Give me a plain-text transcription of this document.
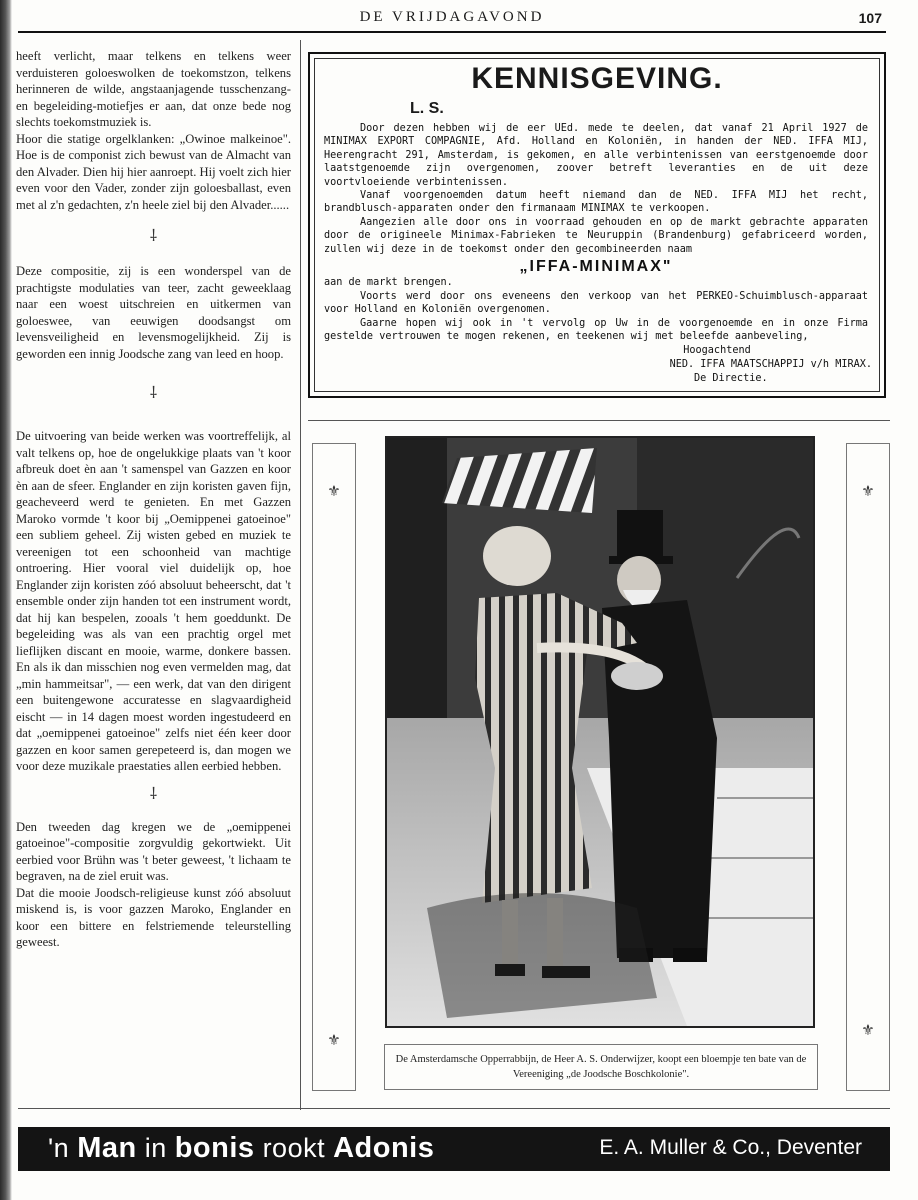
DE VRIJDAGAVOND	107

heeft verlicht, maar telkens en telkens weer verduisteren goloeswolken de toekomstzon, telkens herinneren de wilde, angstaanjagende tusschenzang- en begeleiding-motiefjes er aan, dat onze bede nog slechts toekomstmuziek is.

Hoor die statige orgelklanken: „Owinoe malkeinoe". Hoe is de componist zich bewust van de Almacht van den Alvader. Dien hij hier aanroept. Hij voelt zich hier even voor den Vader, zonder zijn goloesballast, even met al z'n gedachten, z'n heele ziel bij den Alvader......

⸸

Deze compositie, zij is een wonderspel van de prachtigste modulaties van teer, zacht geweeklaag naar een woest uitschreien en uitkermen van goloeswee, van eeuwigen doodsangst om levensveiligheid en levensmogelijkheid. Zij is geworden een innig Joodsche zang van leed en hoop.

⸸

De uitvoering van beide werken was voortreffelijk, al valt telkens op, hoe de ongelukkige plaats van 't koor afbreuk doet èn aan 't samenspel van Gazzen en koor èn aan de sfeer. Englander en zijn koristen gaven fijn, geacheveerd werd te genieten. En met Gazzen Maroko vormde 't koor bij „Oemippenei gatoeinoe" een subliem geheel. Zij wisten gebed en muziek te vereenigen tot een schoonheid van machtige ontroering. Hier vooral viel duidelijk op, hoe Englander zijn koristen zóó absoluut beheerscht, dat 't ensemble onder zijn handen tot een instrument wordt, dat hij kan bespelen, zooals 't hem goeddunkt. De begeleiding was als van een prachtig orgel met lieflijken discant en mooie, warme, donkere bassen. En als ik dan misschien nog even vermelden mag, dat „min hammeitsar", — een werk, dat van den dirigent een buitengewone accuratesse en slagvaardigheid eischt — in 14 dagen moest worden ingestudeerd en dat „oemippenei gatoeinoe" zelfs niet één keer door gazzen en koor samen gerepeteerd is, dan mogen we voor deze muzikale praestaties allen eerbied hebben.

⸸

Den tweeden dag kregen we de „oemippenei gatoeinoe"-compositie zorgvuldig gekortwiekt. Uit eerbied voor Brühn was 't beter geweest, 't lichaam te begraven, na de ziel eruit was.

Dat die mooie Joodsch-religieuse kunst zóó absoluut miskend is, is voor gazzen Maroko, Englander en koor een bittere en felstriemende teleurstelling geweest.

KENNISGEVING.
L. S.

Door dezen hebben wij de eer UEd. mede te deelen, dat vanaf 21 April 1927 de MINIMAX EXPORT COMPAGNIE, Afd. Holland en Koloniën, in handen der NED. IFFA MIJ, Heerengracht 291, Amsterdam, is gekomen, en alle verbintenissen van eerstgenoemde door laatstgenoemde zijn overgenomen, zoover betreft leveranties en de uit deze voortvloeiende verbintenissen.

Vanaf voorgenoemden datum heeft niemand dan de NED. IFFA MIJ het recht, brandblusch-apparaten onder den firmanaam MINIMAX te verkoopen.

Aangezien alle door ons in voorraad gehouden en op de markt gebrachte apparaten door de origineele Minimax-Fabrieken te Neuruppin (Brandenburg) gefabriceerd worden, zullen wij deze in de toekomst onder den gecombineerden naam

„IFFA-MINIMAX"

aan de markt brengen.

Voorts werd door ons eveneens den verkoop van het PERKEO-Schuimblusch-apparaat voor Holland en Koloniën overgenomen.

Gaarne hopen wij ook in 't vervolg op Uw in de voorgenoemde en in onze Firma gestelde vertrouwen te mogen rekenen, en teekenen wij met beleefde aanbeveling,

Hoogachtend
NED. IFFA MAATSCHAPPIJ v/h MIRAX.
De Directie.
⚜
⚜
⚜
⚜
De Amsterdamsche Opperrabbijn, de Heer A. S. Onderwijzer, koopt een bloempje ten bate van de Vereeniging „de Joodsche Boschkolonie".
'n Man in bonis rookt Adonis	E. A. Muller & Co., Deventer
